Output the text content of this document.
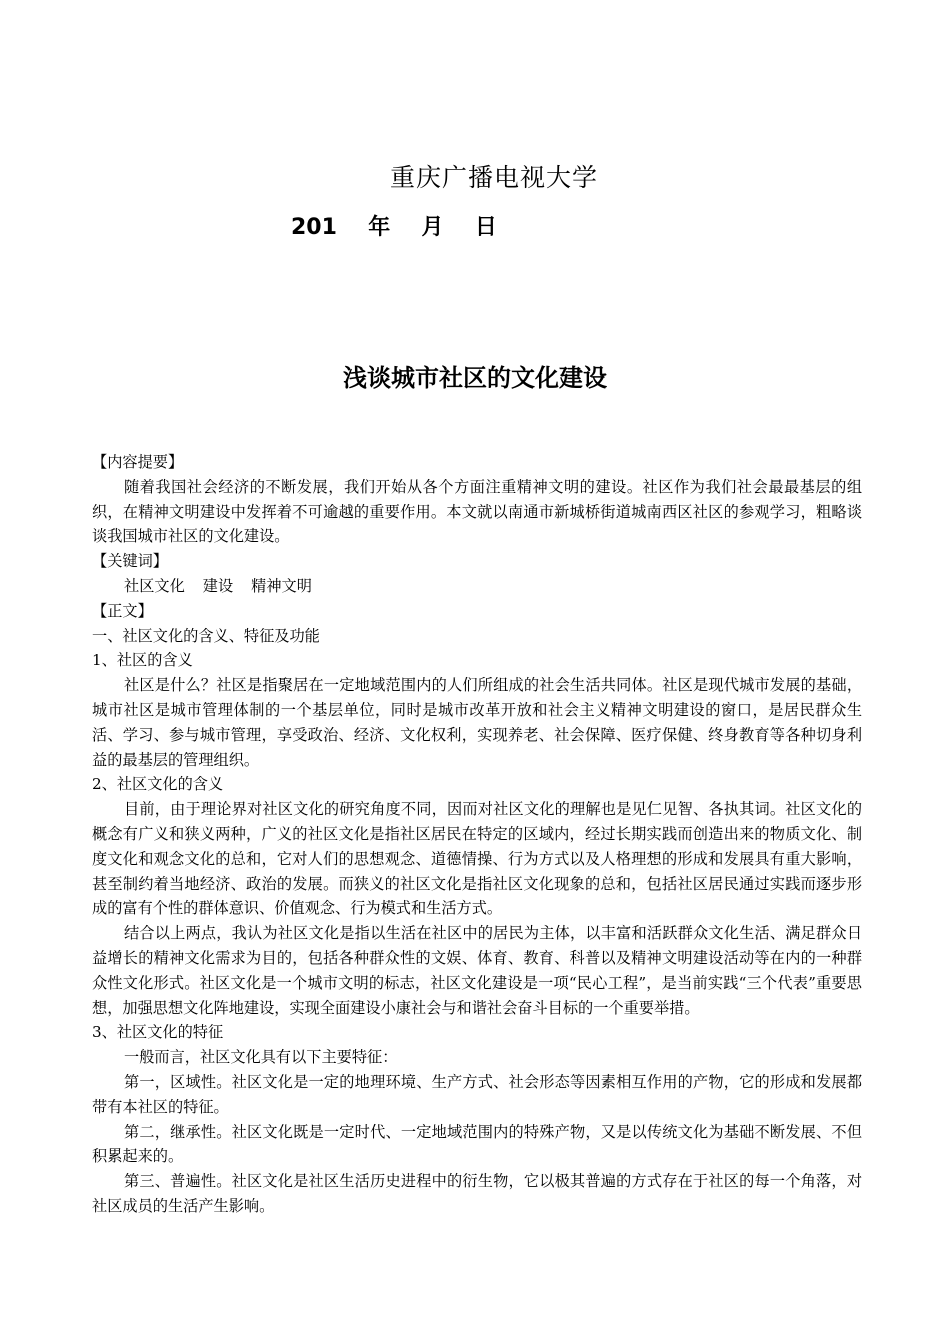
重庆广播电视大学
201  年  月  日
浅谈城市社区的文化建设

【内容提要】

随着我国社会经济的不断发展，我们开始从各个方面注重精神文明的建设。社区作为我们社会最最基层的组织，在精神文明建设中发挥着不可逾越的重要作用。本文就以南通市新城桥街道城南西区社区的参观学习，粗略谈谈我国城市社区的文化建设。

【关键词】

社区文化 建设 精神文明

【正文】

一、社区文化的含义、特征及功能

1、社区的含义

社区是什么？社区是指聚居在一定地域范围内的人们所组成的社会生活共同体。社区是现代城市发展的基础，城市社区是城市管理体制的一个基层单位，同时是城市改革开放和社会主义精神文明建设的窗口，是居民群众生活、学习、参与城市管理，享受政治、经济、文化权利，实现养老、社会保障、医疗保健、终身教育等各种切身利益的最基层的管理组织。

2、社区文化的含义

目前，由于理论界对社区文化的研究角度不同，因而对社区文化的理解也是见仁见智、各执其词。社区文化的概念有广义和狭义两种，广义的社区文化是指社区居民在特定的区域内，经过长期实践而创造出来的物质文化、制度文化和观念文化的总和，它对人们的思想观念、道德情操、行为方式以及人格理想的形成和发展具有重大影响，甚至制约着当地经济、政治的发展。而狭义的社区文化是指社区文化现象的总和，包括社区居民通过实践而逐步形成的富有个性的群体意识、价值观念、行为模式和生活方式。

结合以上两点，我认为社区文化是指以生活在社区中的居民为主体，以丰富和活跃群众文化生活、满足群众日益增长的精神文化需求为目的，包括各种群众性的文娱、体育、教育、科普以及精神文明建设活动等在内的一种群众性文化形式。社区文化是一个城市文明的标志，社区文化建设是一项“民心工程”，是当前实践“三个代表”重要思想，加强思想文化阵地建设，实现全面建设小康社会与和谐社会奋斗目标的一个重要举措。

3、社区文化的特征

一般而言，社区文化具有以下主要特征：

第一，区域性。社区文化是一定的地理环境、生产方式、社会形态等因素相互作用的产物，它的形成和发展都带有本社区的特征。

第二，继承性。社区文化既是一定时代、一定地域范围内的特殊产物，又是以传统文化为基础不断发展、不但积累起来的。

第三、普遍性。社区文化是社区生活历史进程中的衍生物，它以极其普遍的方式存在于社区的每一个角落，对社区成员的生活产生影响。
